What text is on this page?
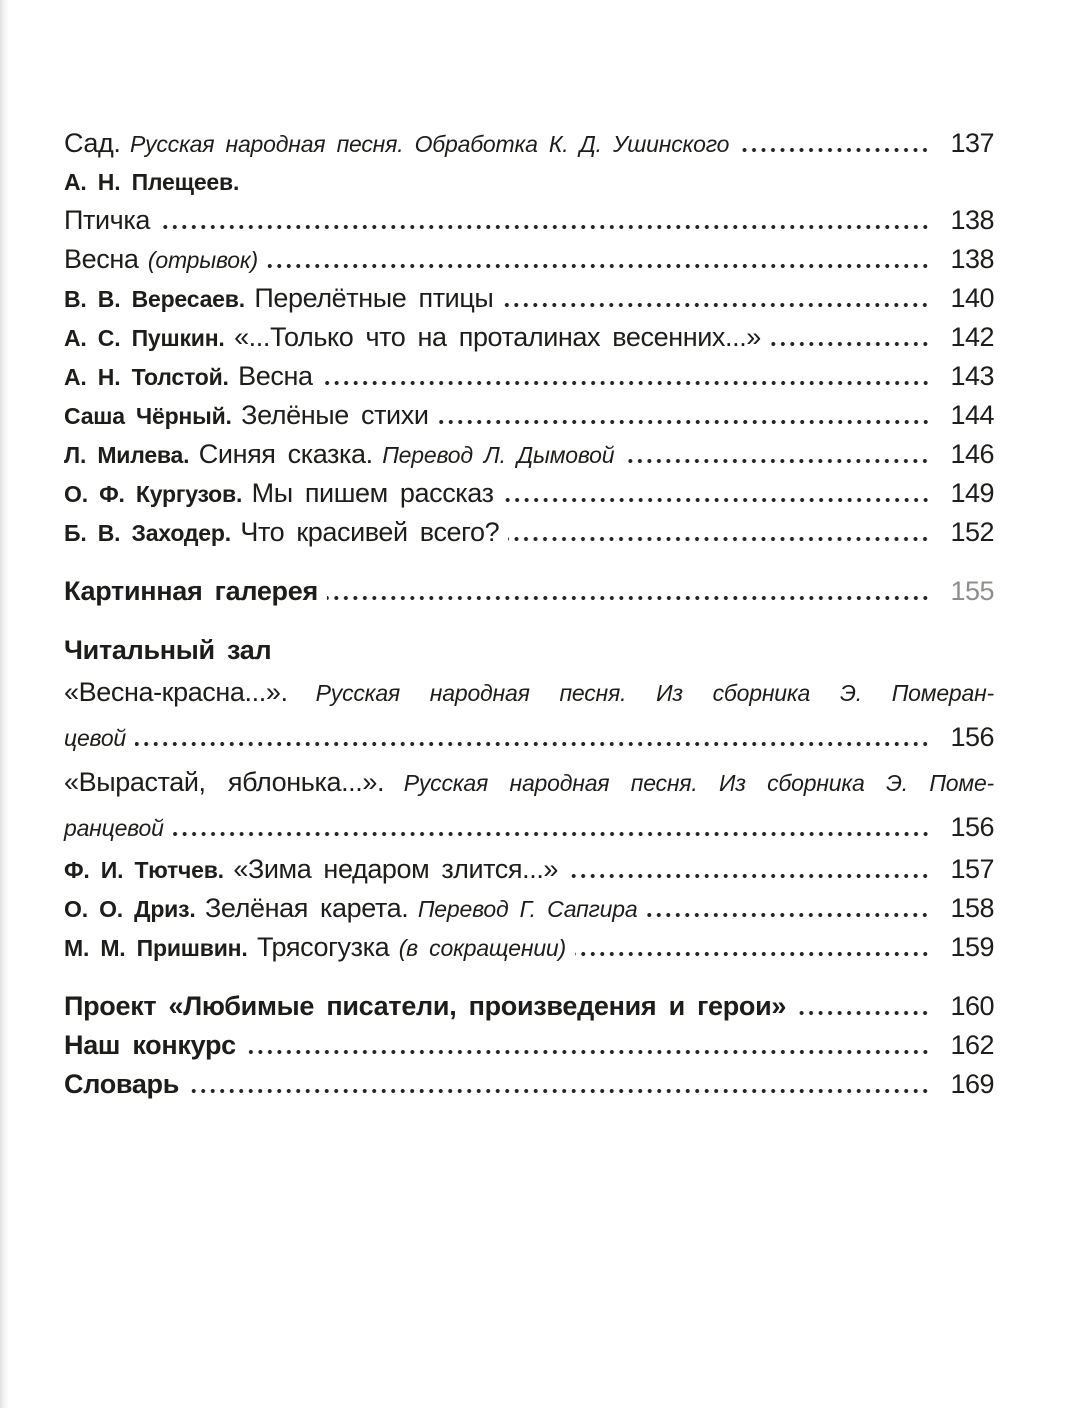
Сад. Русская народная песня. Обработка К. Д. Ушинского	137
А. Н. Плещеев.
Птичка	138
Весна (отрывок)	138
В. В. Вересаев. Перелётные птицы	140
А. С. Пушкин. «...Только что на проталинах весенних...»	142
А. Н. Толстой. Весна	143
Саша Чёрный. Зелёные стихи	144
Л. Милева. Синяя сказка. Перевод Л. Дымовой	146
О. Ф. Кургузов. Мы пишем рассказ	149
Б. В. Заходер. Что красивей всего?	152
Картинная галерея	155
Читальный зал
«Весна-красна...». Русская народная песня. Из сборника Э. Померан-
цевой	156
«Вырастай, яблонька...». Русская народная песня. Из сборника Э. Поме-
ранцевой	156
Ф. И. Тютчев. «Зима недаром злится...»	157
О. О. Дриз. Зелёная карета. Перевод Г. Сапгира	158
М. М. Пришвин. Трясогузка (в сокращении)	159
Проект «Любимые писатели, произведения и герои»	160
Наш конкурс	162
Словарь	169
